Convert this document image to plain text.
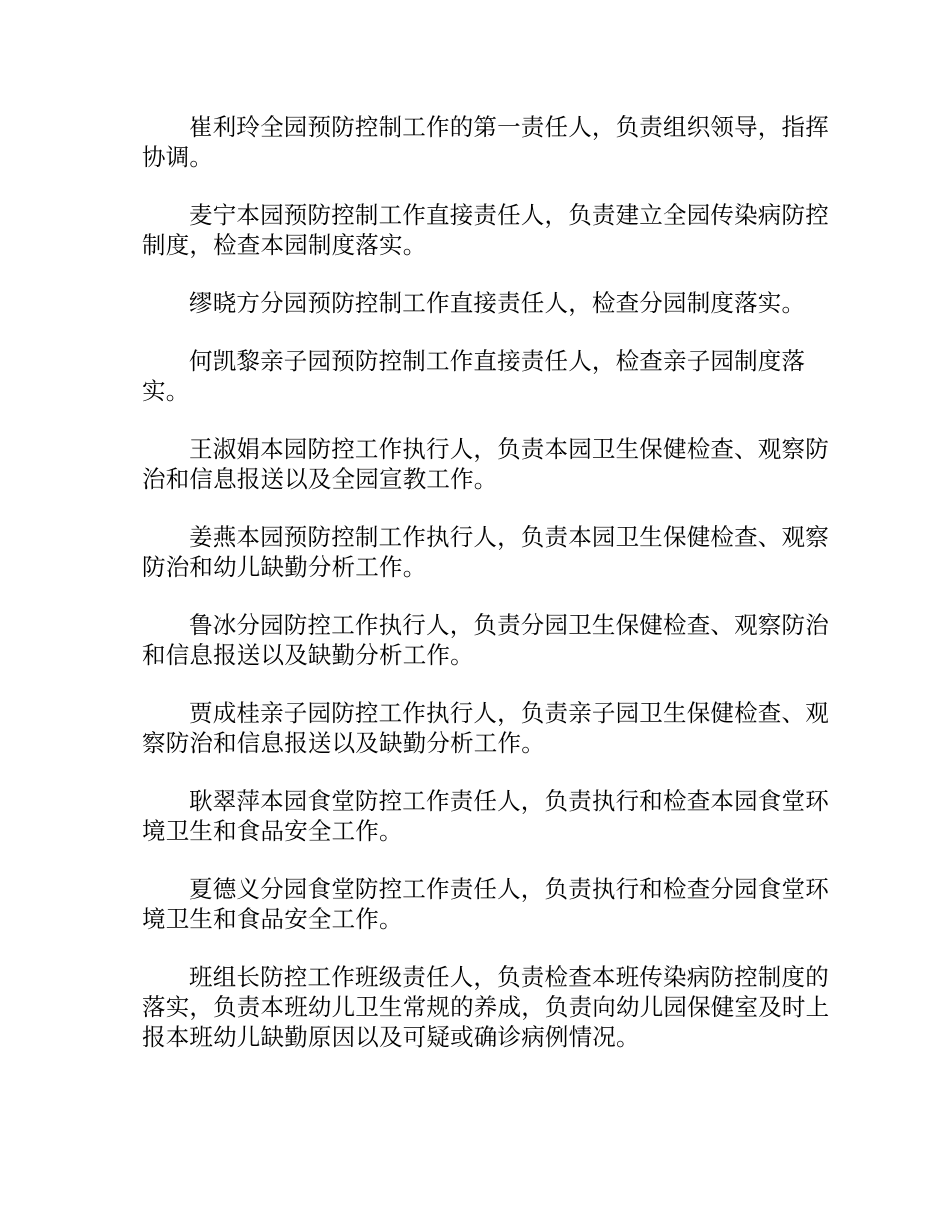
崔利玲全园预防控制工作的第一责任人，负责组织领导，指挥协调。

麦宁本园预防控制工作直接责任人，负责建立全园传染病防控制度，检查本园制度落实。

缪晓方分园预防控制工作直接责任人，检查分园制度落实。

何凯黎亲子园预防控制工作直接责任人，检查亲子园制度落实。

王淑娟本园防控工作执行人，负责本园卫生保健检查、观察防治和信息报送以及全园宣教工作。

姜燕本园预防控制工作执行人，负责本园卫生保健检查、观察防治和幼儿缺勤分析工作。

鲁冰分园防控工作执行人，负责分园卫生保健检查、观察防治和信息报送以及缺勤分析工作。

贾成桂亲子园防控工作执行人，负责亲子园卫生保健检查、观察防治和信息报送以及缺勤分析工作。

耿翠萍本园食堂防控工作责任人，负责执行和检查本园食堂环境卫生和食品安全工作。

夏德义分园食堂防控工作责任人，负责执行和检查分园食堂环境卫生和食品安全工作。

班组长防控工作班级责任人，负责检查本班传染病防控制度的落实，负责本班幼儿卫生常规的养成，负责向幼儿园保健室及时上报本班幼儿缺勤原因以及可疑或确诊病例情况。
